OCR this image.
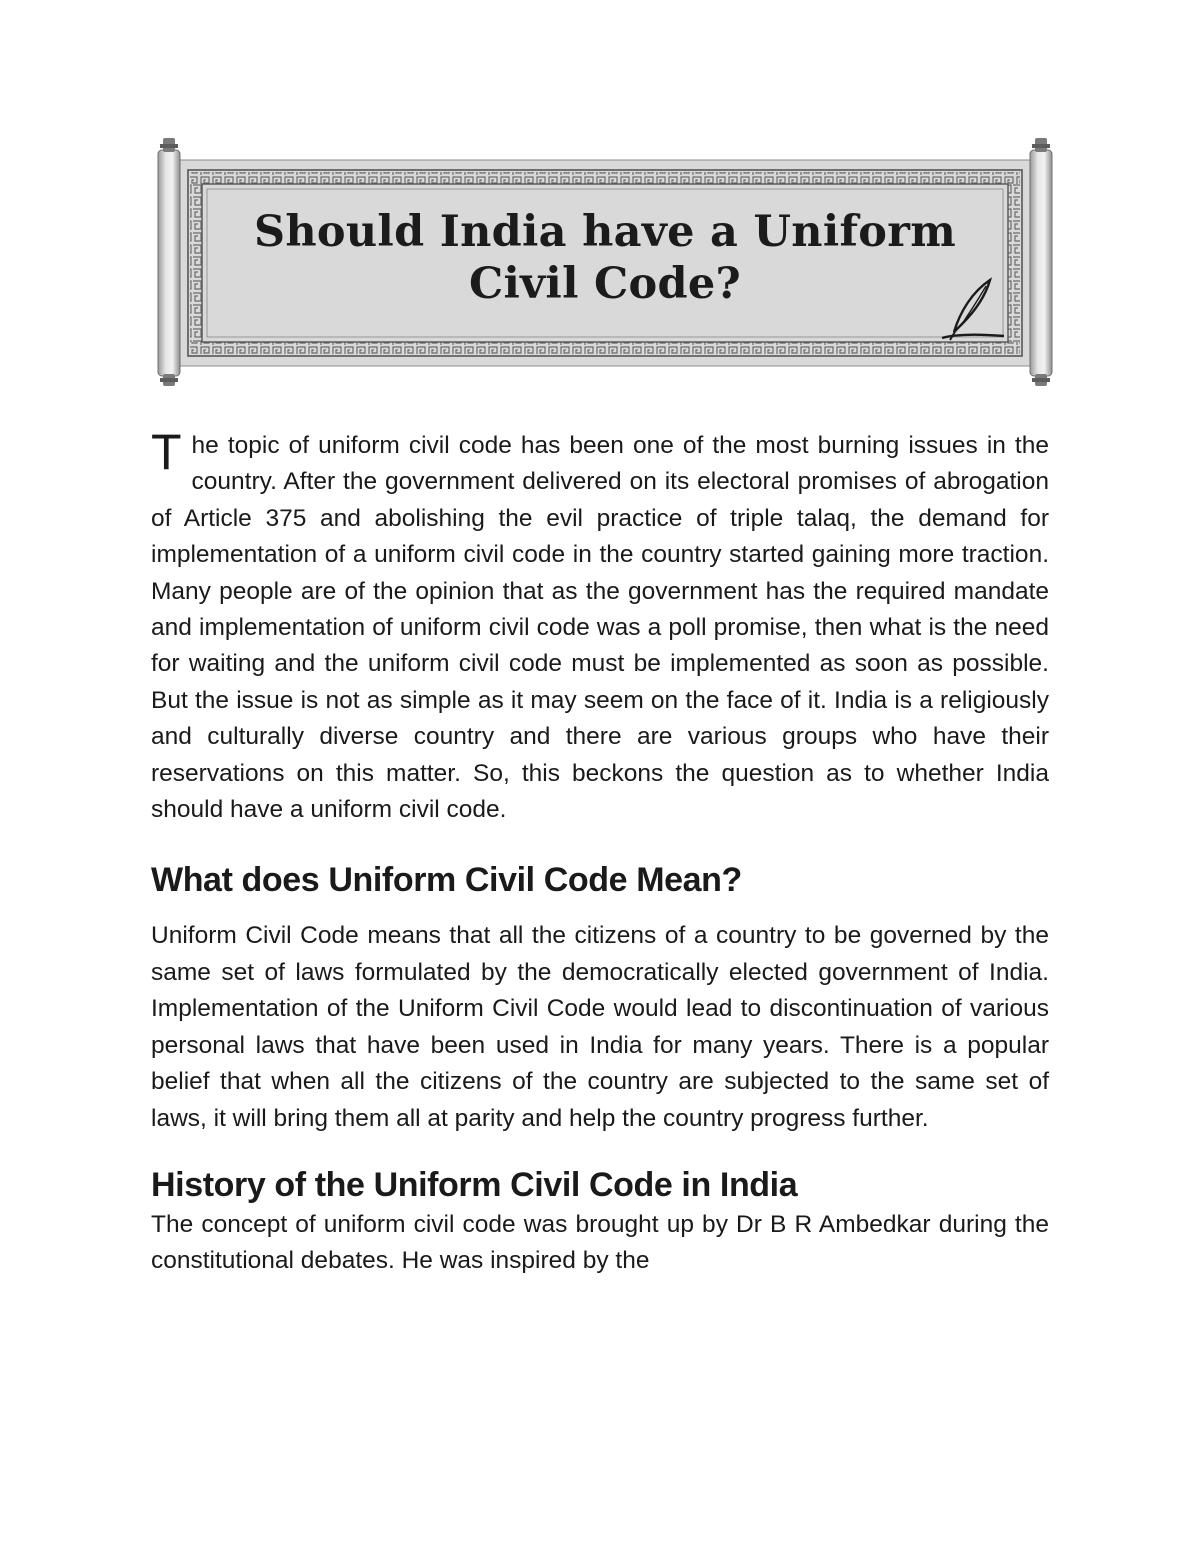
Should India have a Uniform
Civil Code?

The topic of uniform civil code has been one of the most burning issues in the country. After the government delivered on its electoral promises of abrogation of Article 375 and abolishing the evil practice of triple talaq, the demand for implementation of a uniform civil code in the country started gaining more traction. Many people are of the opinion that as the government has the required mandate and implementation of uniform civil code was a poll promise, then what is the need for waiting and the uniform civil code must be implemented as soon as possible. But the issue is not as simple as it may seem on the face of it. India is a religiously and culturally diverse country and there are various groups who have their reservations on this matter. So, this beckons the question as to whether India should have a uniform civil code.

What does Uniform Civil Code Mean?

Uniform Civil Code means that all the citizens of a country to be governed by the same set of laws formulated by the democratically elected government of India. Implementation of the Uniform Civil Code would lead to discontinuation of various personal laws that have been used in India for many years. There is a popular belief that when all the citizens of the country are subjected to the same set of laws, it will bring them all at parity and help the country progress further.

History of the Uniform Civil Code in India

The concept of uniform civil code was brought up by Dr B R Ambedkar during the constitutional debates. He was inspired by the
